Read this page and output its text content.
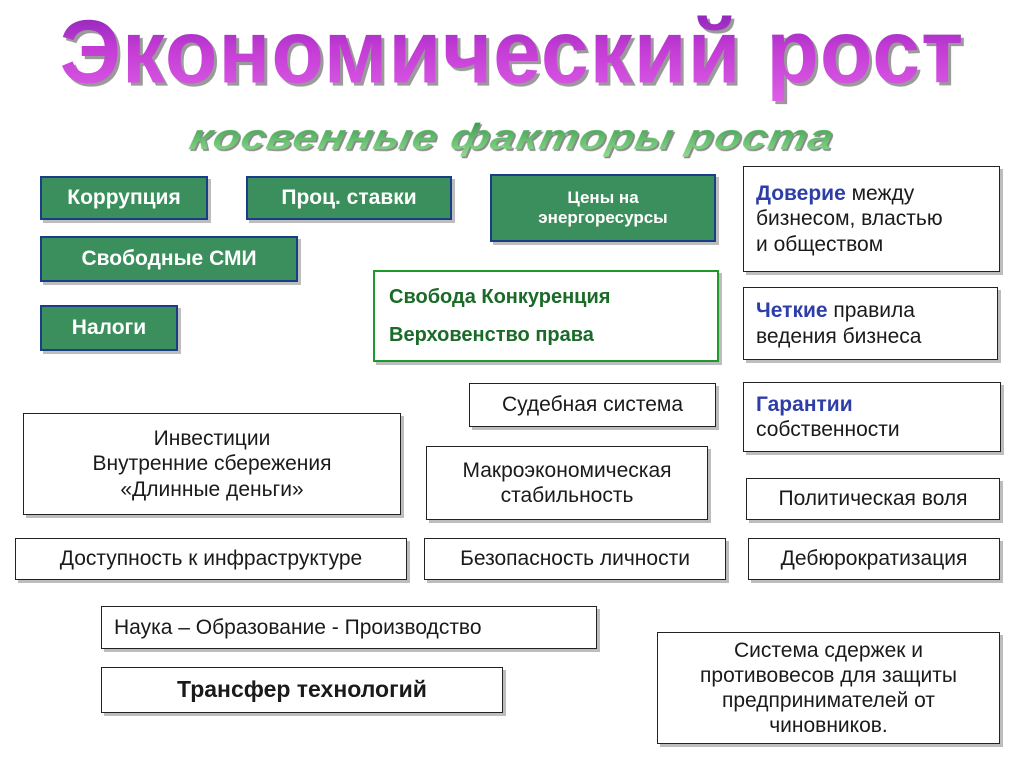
Экономический рост
косвенные факторы роста
Коррупция	Проц. ставки	Цены на
энергоресурсы
Свободные СМИ
Налоги
Свобода Конкуренция
Верховенство права
Доверие между
бизнесом, властью
и обществом
Четкие правила
ведения бизнеса
Гарантии
собственности
Политическая воля
Дебюрократизация
Судебная система
Макроэкономическая
стабильность
Безопасность личности
Инвестиции
Внутренние сбережения
«Длинные деньги»
Доступность к инфраструктуре
Наука – Образование - Производство
Трансфер технологий
Система сдержек и
противовесов для защиты
предпринимателей от
чиновников.
